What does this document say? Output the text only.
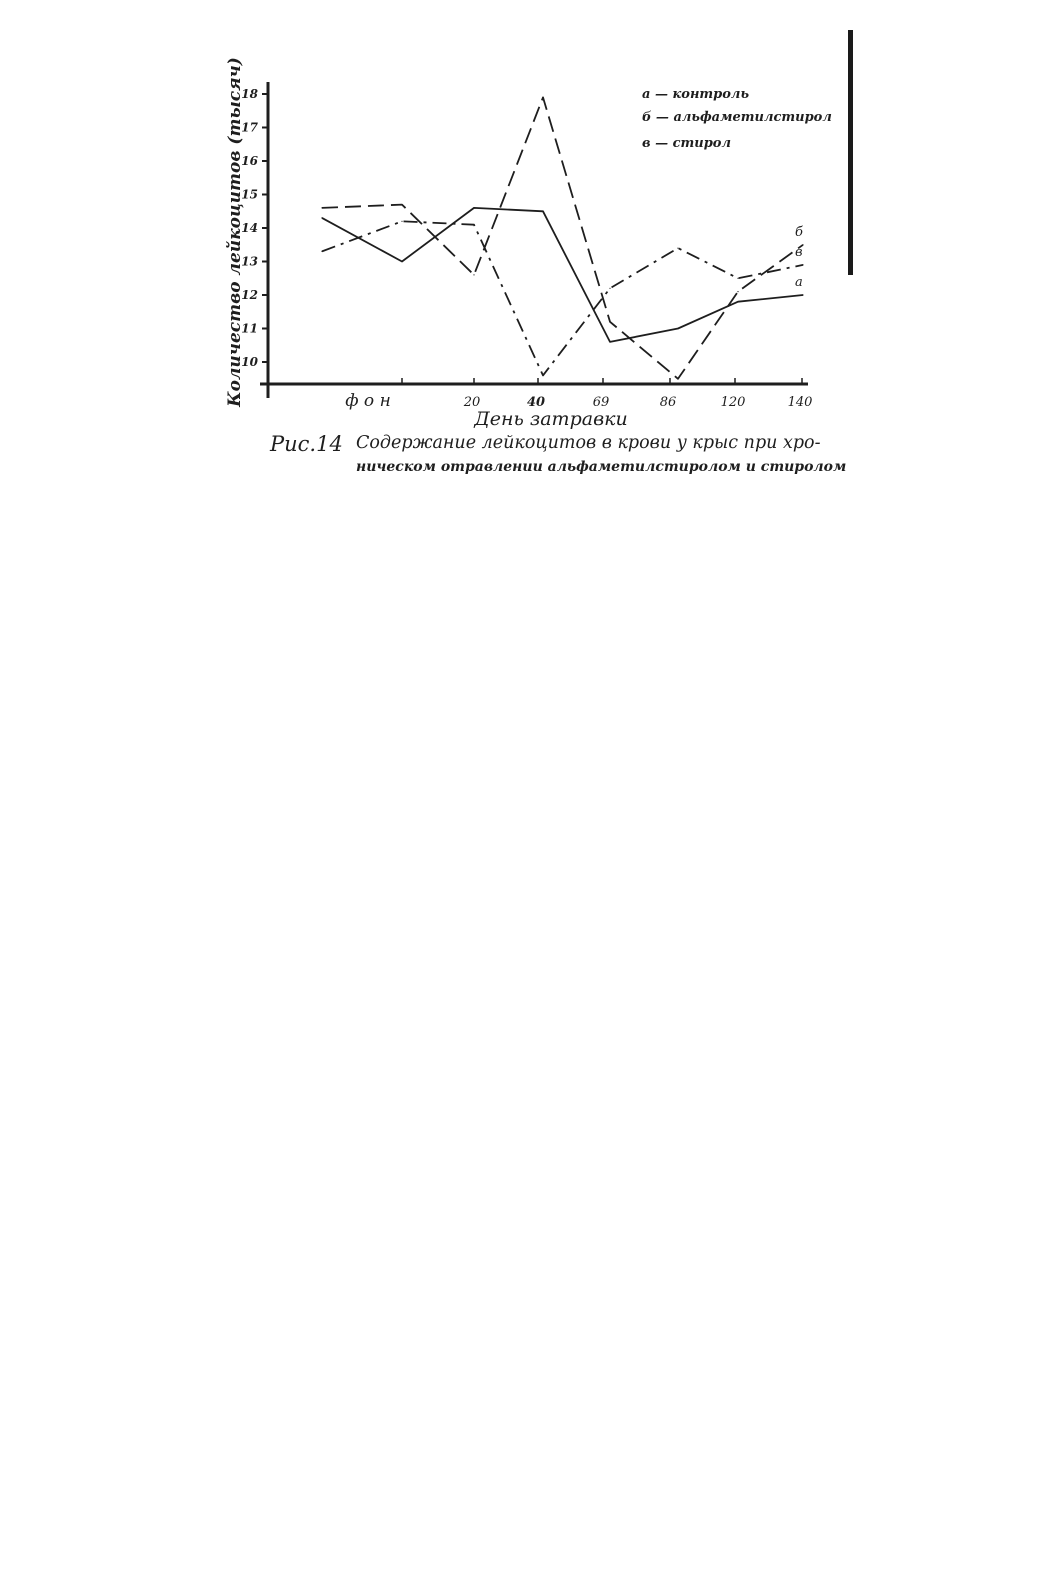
10
11
12
13
14
15
16
17
18
ф о н	20	40	69	86	120	140
а
б
в
Количество лейкоцитов (тысяч)
День затравки
а — контроль
б — альфаметилстирол
в — стирол
Рис.14 Содержание лейкоцитов в крови у крыс при хро-
ническом отравлении альфаметилстиролом и стиролом
